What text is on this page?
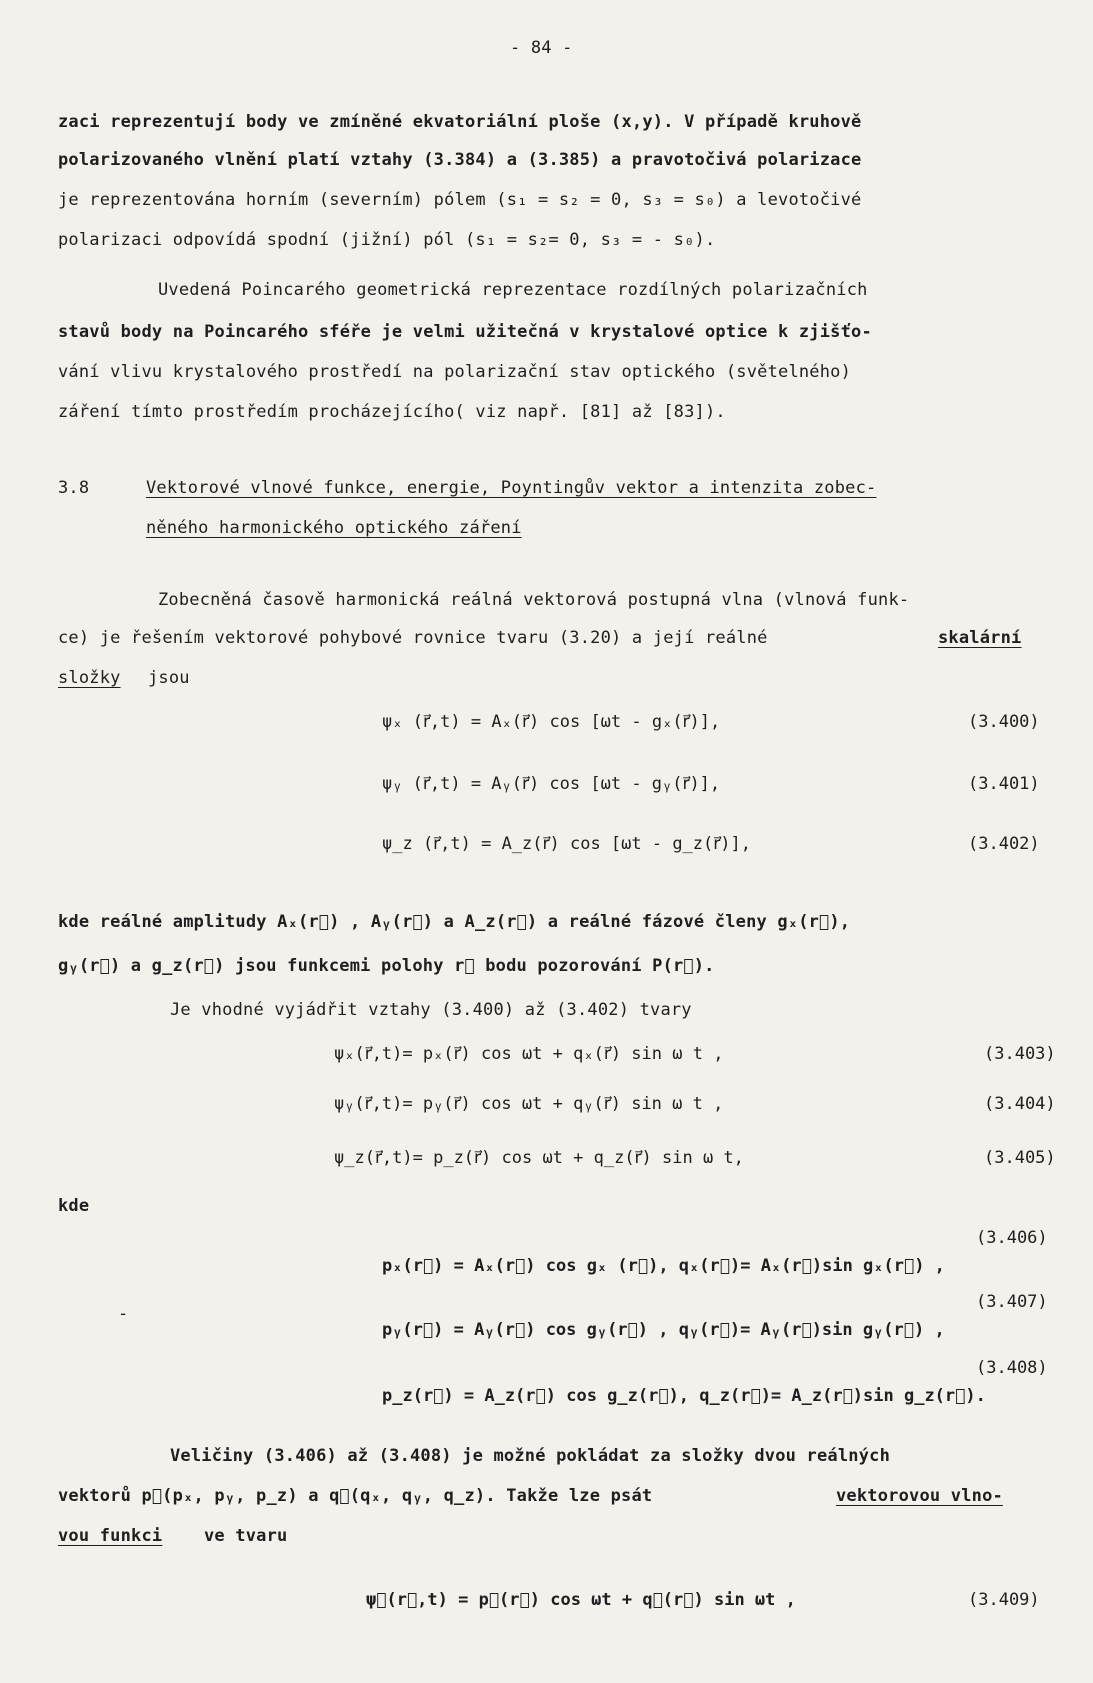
- 84 -
zaci reprezentují body ve zmíněné ekvatoriální ploše (x,y). V případě kruhově
polarizovaného vlnění platí vztahy (3.384) a (3.385) a pravotočivá polarizace
je reprezentována horním (severním) pólem (s₁ = s₂ = 0, s₃ = s₀) a levotočivé
polarizaci odpovídá spodní (jižní) pól (s₁ = s₂= 0, s₃ = - s₀).
Uvedená Poincarého geometrická reprezentace rozdílných polarizačních
stavů body na Poincarého sféře je velmi užitečná v krystalové optice k zjišťo-
vání vlivu krystalového prostředí na polarizační stav optického (světelného)
záření tímto prostředím procházejícího( viz např. [81] až [83]).
3.8	Vektorové vlnové funkce, energie, Poyntingův vektor a intenzita zobec-
něného harmonického optického záření
Zobecněná časově harmonická reálná vektorová postupná vlna (vlnová funk-
ce) je řešením vektorové pohybové rovnice tvaru (3.20) a její reálné	skalární
složky jsou
ψₓ (r⃗,t) = Aₓ(r⃗) cos [ωt - gₓ(r⃗)],	(3.400)
ψᵧ (r⃗,t) = Aᵧ(r⃗) cos [ωt - gᵧ(r⃗)],	(3.401)
ψ_z (r⃗,t) = A_z(r⃗) cos [ωt - g_z(r⃗)],	(3.402)
kde reálné amplitudy Aₓ(r⃗) , Aᵧ(r⃗) a A_z(r⃗) a reálné fázové členy gₓ(r⃗),
gᵧ(r⃗) a g_z(r⃗) jsou funkcemi polohy r⃗ bodu pozorování P(r⃗).
Je vhodné vyjádřit vztahy (3.400) až (3.402) tvary
ψₓ(r⃗,t)= pₓ(r⃗) cos ωt + qₓ(r⃗) sin ω t ,	(3.403)
ψᵧ(r⃗,t)= pᵧ(r⃗) cos ωt + qᵧ(r⃗) sin ω t ,	(3.404)
ψ_z(r⃗,t)= p_z(r⃗) cos ωt + q_z(r⃗) sin ω t,	(3.405)
kde
(3.406)
pₓ(r⃗) = Aₓ(r⃗) cos gₓ (r⃗), qₓ(r⃗)= Aₓ(r⃗)sin gₓ(r⃗) ,
(3.407)
-
pᵧ(r⃗) = Aᵧ(r⃗) cos gᵧ(r⃗) , qᵧ(r⃗)= Aᵧ(r⃗)sin gᵧ(r⃗) ,
(3.408)
p_z(r⃗) = A_z(r⃗) cos g_z(r⃗), q_z(r⃗)= A_z(r⃗)sin g_z(r⃗).
Veličiny (3.406) až (3.408) je možné pokládat za složky dvou reálných
vektorů p⃗(pₓ, pᵧ, p_z) a q⃗(qₓ, qᵧ, q_z). Takže lze psát	vektorovou vlno-
vou funkci ve tvaru
ψ⃗(r⃗,t) = p⃗(r⃗) cos ωt + q⃗(r⃗) sin ωt ,	(3.409)
